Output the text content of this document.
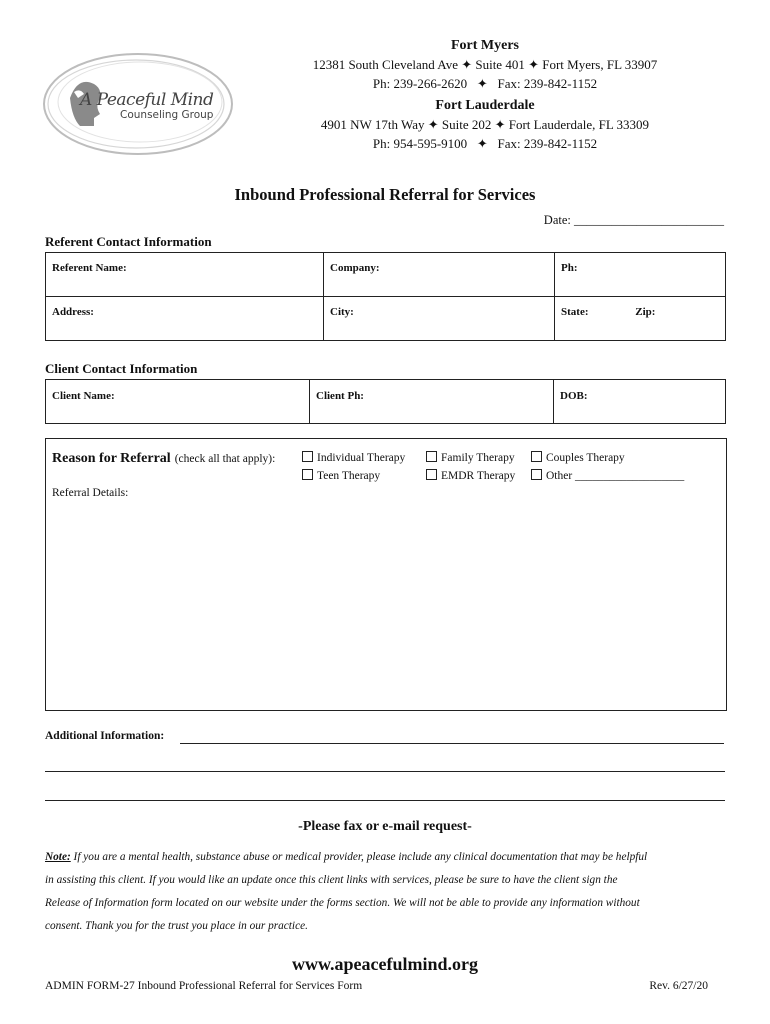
A Peaceful Mind
Counseling Group
Fort Myers
12381 South Cleveland Ave ✦ Suite 401 ✦ Fort Myers, FL 33907
Ph: 239-266-2620   ✦   Fax: 239-842-1152
Fort Lauderdale
4901 NW 17th Way ✦ Suite 202 ✦ Fort Lauderdale, FL 33309
Ph: 954-595-9100   ✦   Fax: 239-842-1152
Inbound Professional Referral for Services
Date: ________________________
Referent Contact Information
Referent Name:	Company:	Ph:
Address:	City:	State: Zip:
Client Contact Information
Client Name:	Client Ph:	DOB:
Reason for Referral (check all that apply):	Individual Therapy	Family Therapy	Couples Therapy
Teen Therapy	EMDR Therapy	Other ___________________
Referral Details:
Additional Information:
-Please fax or e-mail request-
Note: If you are a mental health, substance abuse or medical provider, please include any clinical documentation that may be helpful
in assisting this client. If you would like an update once this client links with services, please be sure to have the client sign the
Release of Information form located on our website under the forms section. We will not be able to provide any information without
consent. Thank you for the trust you place in our practice.
www.apeacefulmind.org
ADMIN FORM-27 Inbound Professional Referral for Services Form	Rev. 6/27/20
